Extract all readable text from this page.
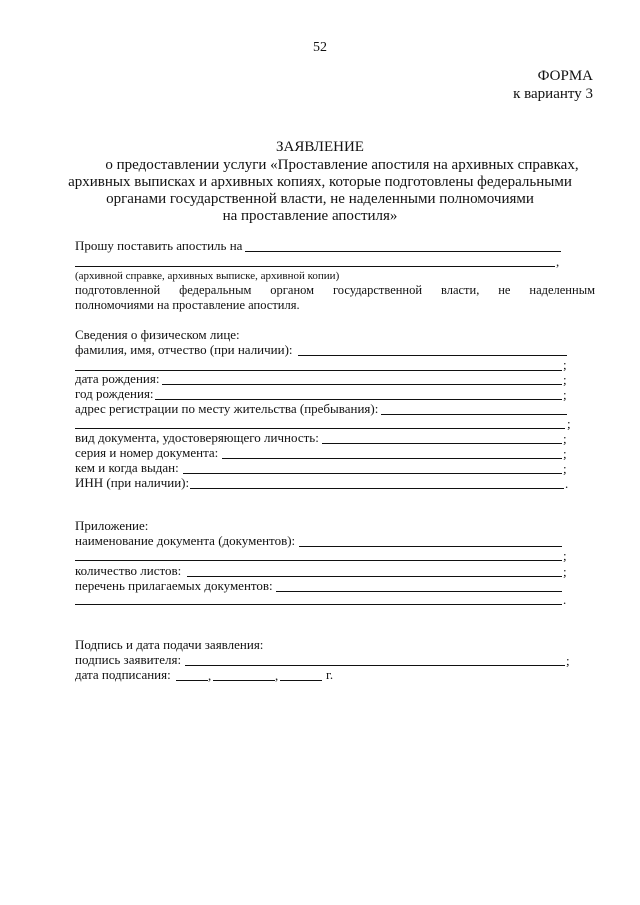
52
ФОРМА
к варианту 3
ЗАЯВЛЕНИЕ
о предоставлении услуги «Проставление апостиля на архивных справках,
архивных выписках и архивных копиях, которые подготовлены федеральными
органами государственной власти, не наделенными полномочиями
на проставление апостиля»
Прошу поставить апостиль на
,
(архивной справке, архивных выписке, архивной копии)
подготовленной федеральным органом государственной власти, не наделенным
полномочиями на проставление апостиля.
Сведения о физическом лице:
фамилия, имя, отчество (при наличии):
;
дата рождения:	;
год рождения:	;
адрес регистрации по месту жительства (пребывания):
;
вид документа, удостоверяющего личность:	;
серия и номер документа:	;
кем и когда выдан:	;
ИНН (при наличии):	.
Приложение:
наименование документа (документов):
;
количество листов:	;
перечень прилагаемых документов:
.
Подпись и дата подачи заявления:
подпись заявителя:	;
дата подписания:	,	,	г.
